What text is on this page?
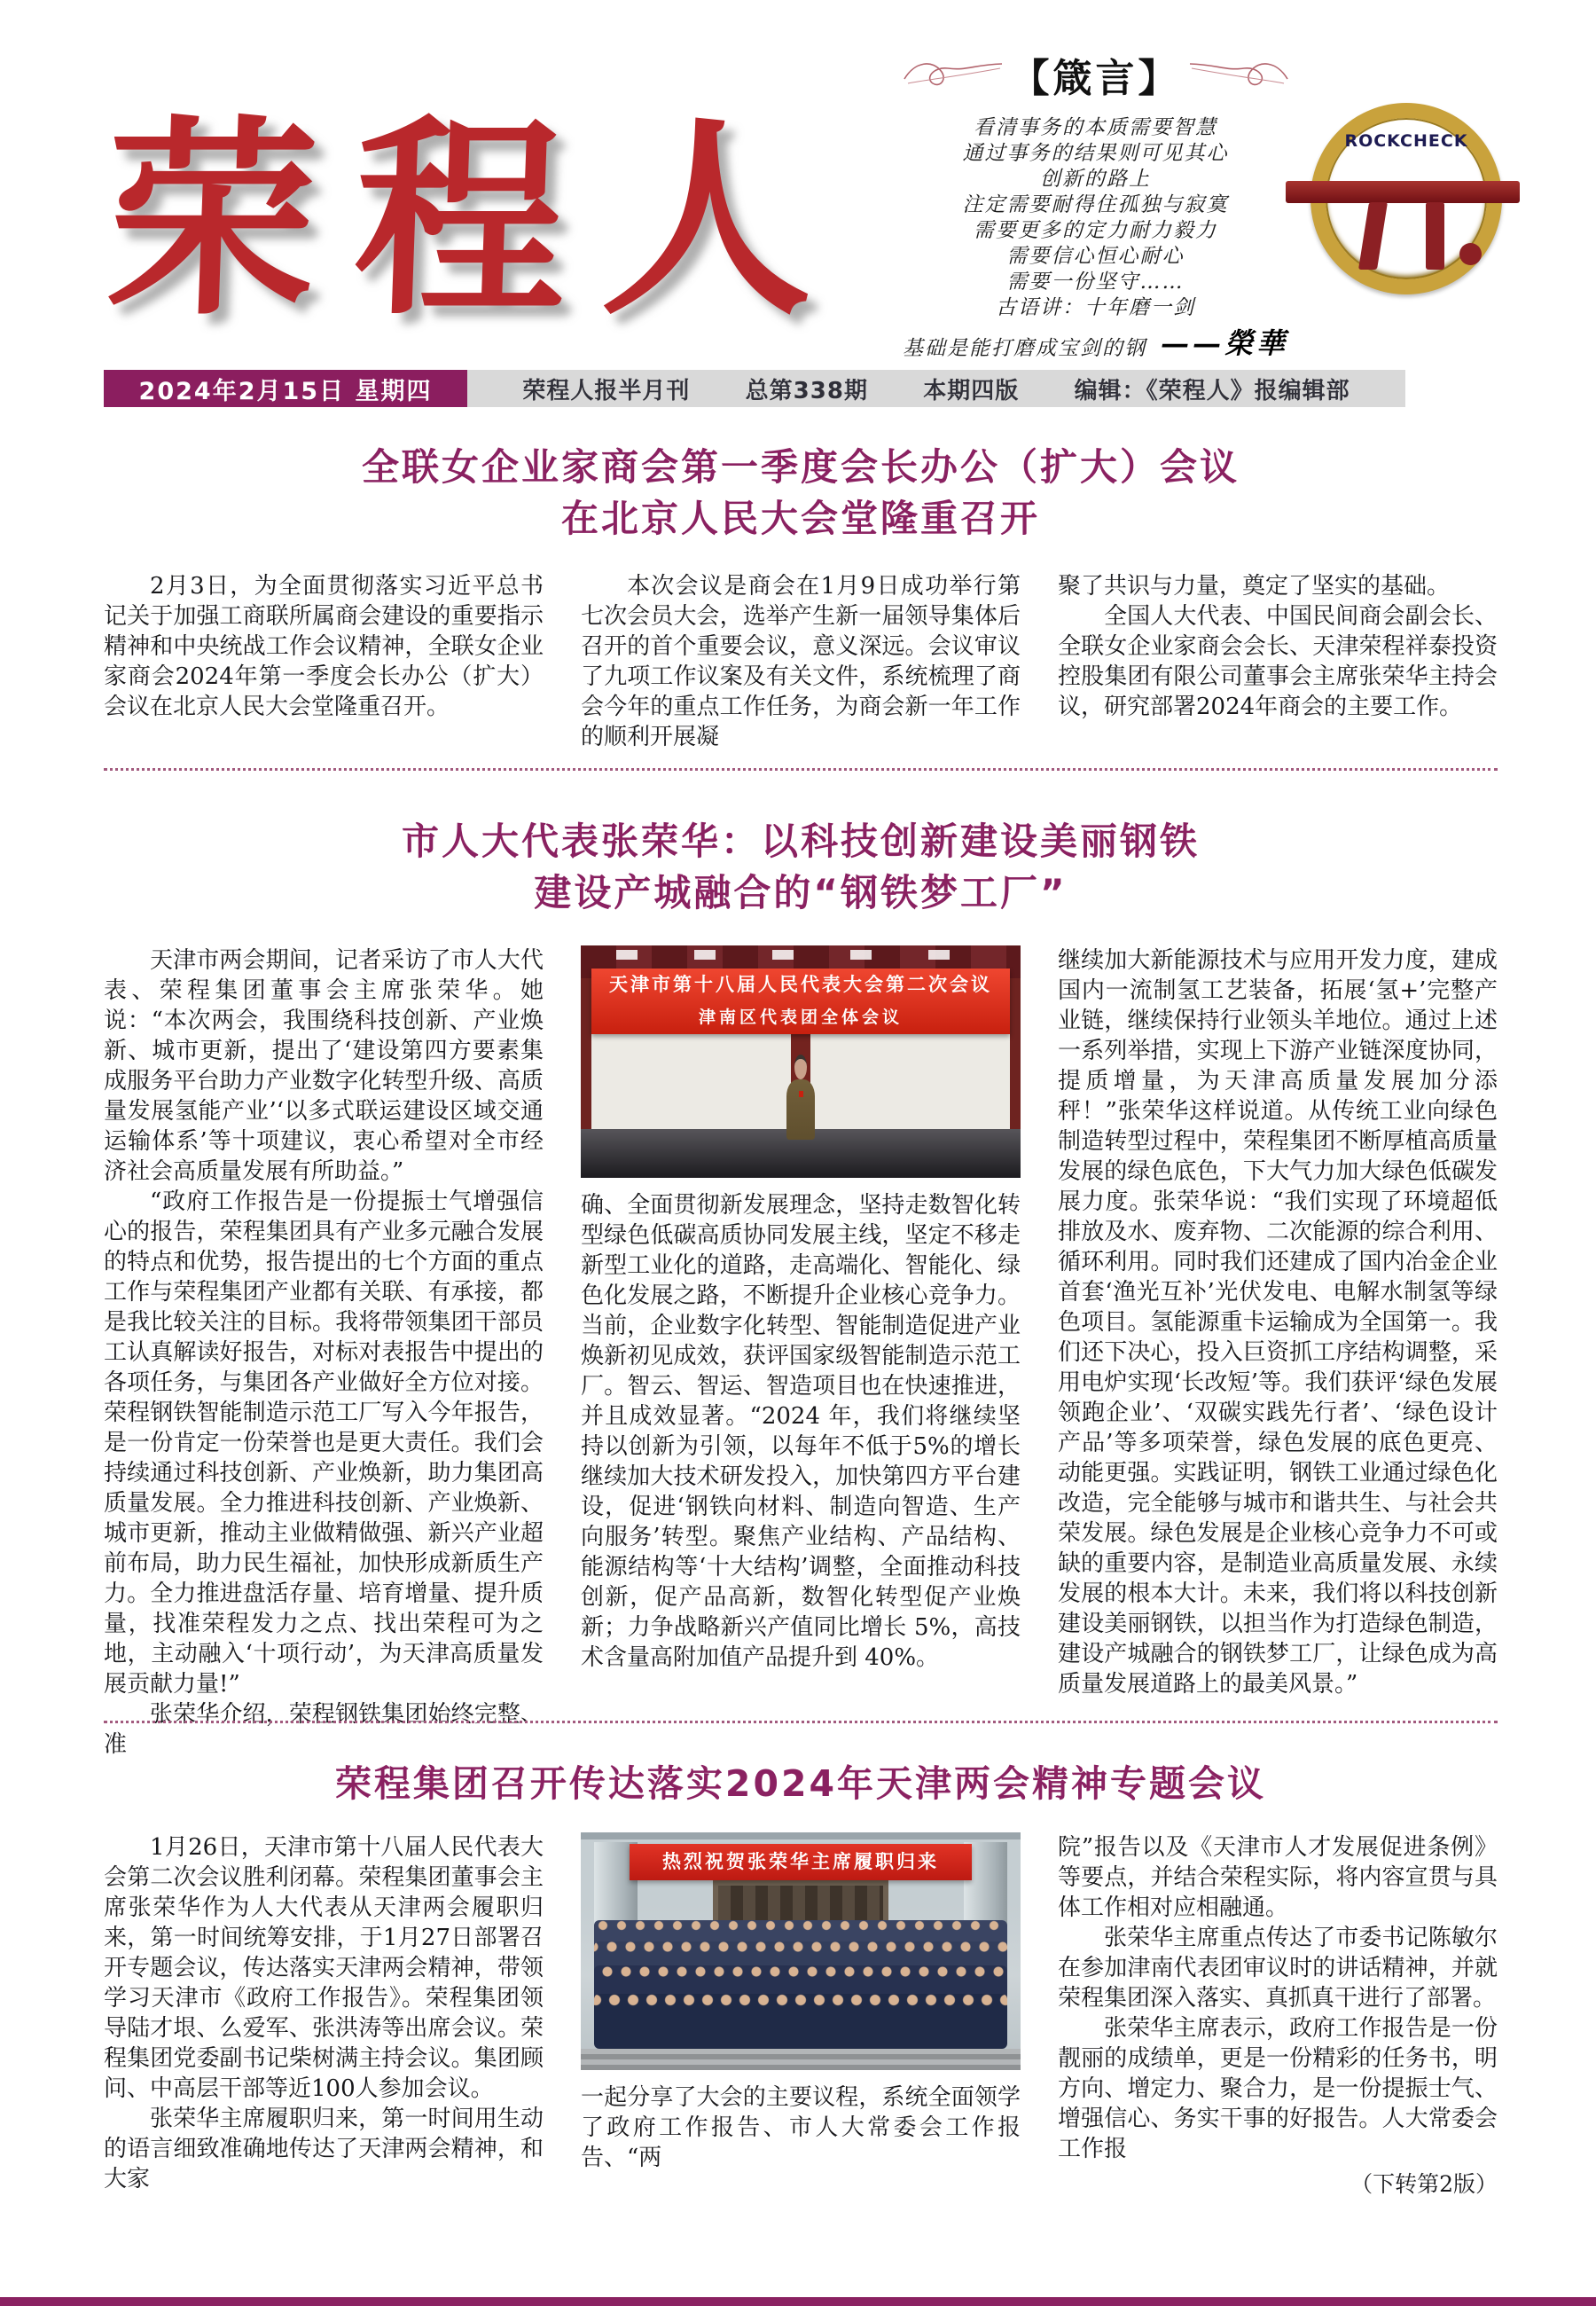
荣程人
【箴言】
看清事务的本质需要智慧
通过事务的结果则可见其心
创新的路上
注定需要耐得住孤独与寂寞
需要更多的定力耐力毅力
需要信心恒心耐心
需要一份坚守……
古语讲：十年磨一剑
基础是能打磨成宝剑的钢 ——榮華
ROCKCHECK
2024年2月15日 星期四	荣程人报半月刊 总第338期 本期四版 编辑：《荣程人》报编辑部
全联女企业家商会第一季度会长办公（扩大）会议
在北京人民大会堂隆重召开

2月3日，为全面贯彻落实习近平总书记关于加强工商联所属商会建设的重要指示精神和中央统战工作会议精神，全联女企业家商会2024年第一季度会长办公（扩大）会议在北京人民大会堂隆重召开。

本次会议是商会在1月9日成功举行第七次会员大会，选举产生新一届领导集体后召开的首个重要会议，意义深远。会议审议了九项工作议案及有关文件，系统梳理了商会今年的重点工作任务，为商会新一年工作的顺利开展凝

聚了共识与力量，奠定了坚实的基础。

全国人大代表、中国民间商会副会长、全联女企业家商会会长、天津荣程祥泰投资控股集团有限公司董事会主席张荣华主持会议，研究部署2024年商会的主要工作。

市人大代表张荣华：以科技创新建设美丽钢铁
建设产城融合的“钢铁梦工厂”

天津市两会期间，记者采访了市人大代表、荣程集团董事会主席张荣华。她说：“本次两会，我围绕科技创新、产业焕新、城市更新，提出了‘建设第四方要素集成服务平台助力产业数字化转型升级、高质量发展氢能产业’‘以多式联运建设区域交通运输体系’等十项建议，衷心希望对全市经济社会高质量发展有所助益。”

“政府工作报告是一份提振士气增强信心的报告，荣程集团具有产业多元融合发展的特点和优势，报告提出的七个方面的重点工作与荣程集团产业都有关联、有承接，都是我比较关注的目标。我将带领集团干部员工认真解读好报告，对标对表报告中提出的各项任务，与集团各产业做好全方位对接。荣程钢铁智能制造示范工厂写入今年报告，是一份肯定一份荣誉也是更大责任。我们会持续通过科技创新、产业焕新，助力集团高质量发展。全力推进科技创新、产业焕新、城市更新，推动主业做精做强、新兴产业超前布局，助力民生福祉，加快形成新质生产力。全力推进盘活存量、培育增量、提升质量，找准荣程发力之点、找出荣程可为之地，主动融入‘十项行动’，为天津高质量发展贡献力量!”

张荣华介绍，荣程钢铁集团始终完整、准

天津市第十八届人民代表大会第二次会议
津南区代表团全体会议

确、全面贯彻新发展理念，坚持走数智化转型绿色低碳高质协同发展主线，坚定不移走新型工业化的道路，走高端化、智能化、绿色化发展之路，不断提升企业核心竞争力。当前，企业数字化转型、智能制造促进产业焕新初见成效，获评国家级智能制造示范工厂。智云、智运、智造项目也在快速推进，并且成效显著。“2024 年，我们将继续坚持以创新为引领，以每年不低于5%的增长继续加大技术研发投入，加快第四方平台建设，促进‘钢铁向材料、制造向智造、生产向服务’转型。聚焦产业结构、产品结构、能源结构等‘十大结构’调整，全面推动科技创新，促产品高新，数智化转型促产业焕新；力争战略新兴产值同比增长 5%，高技术含量高附加值产品提升到 40%。

继续加大新能源技术与应用开发力度，建成国内一流制氢工艺装备，拓展‘氢+’完整产业链，继续保持行业领头羊地位。通过上述一系列举措，实现上下游产业链深度协同，提质增量，为天津高质量发展加分添秤！”张荣华这样说道。从传统工业向绿色制造转型过程中，荣程集团不断厚植高质量发展的绿色底色，下大气力加大绿色低碳发展力度。张荣华说：“我们实现了环境超低排放及水、废弃物、二次能源的综合利用、循环利用。同时我们还建成了国内冶金企业首套‘渔光互补’光伏发电、电解水制氢等绿色项目。氢能源重卡运输成为全国第一。我们还下决心，投入巨资抓工序结构调整，采用电炉实现‘长改短’等。我们获评‘绿色发展领跑企业’、‘双碳实践先行者’、‘绿色设计产品’等多项荣誉，绿色发展的底色更亮、动能更强。实践证明，钢铁工业通过绿色化改造，完全能够与城市和谐共生、与社会共荣发展。绿色发展是企业核心竞争力不可或缺的重要内容，是制造业高质量发展、永续发展的根本大计。未来，我们将以科技创新建设美丽钢铁，以担当作为打造绿色制造，建设产城融合的钢铁梦工厂，让绿色成为高质量发展道路上的最美风景。”

荣程集团召开传达落实2024年天津两会精神专题会议

1月26日，天津市第十八届人民代表大会第二次会议胜利闭幕。荣程集团董事会主席张荣华作为人大代表从天津两会履职归来，第一时间统筹安排，于1月27日部署召开专题会议，传达落实天津两会精神，带领学习天津市《政府工作报告》。荣程集团领导陆才垠、么爱军、张洪涛等出席会议。荣程集团党委副书记柴树满主持会议。集团顾问、中高层干部等近100人参加会议。

张荣华主席履职归来，第一时间用生动的语言细致准确地传达了天津两会精神，和大家

热烈祝贺张荣华主席履职归来

一起分享了大会的主要议程，系统全面领学了政府工作报告、市人大常委会工作报告、“两

院”报告以及《天津市人才发展促进条例》等要点，并结合荣程实际，将内容宣贯与具体工作相对应相融通。

张荣华主席重点传达了市委书记陈敏尔在参加津南代表团审议时的讲话精神，并就荣程集团深入落实、真抓真干进行了部署。

张荣华主席表示，政府工作报告是一份靓丽的成绩单，更是一份精彩的任务书，明方向、增定力、聚合力，是一份提振士气、增强信心、务实干事的好报告。人大常委会工作报

（下转第2版）
